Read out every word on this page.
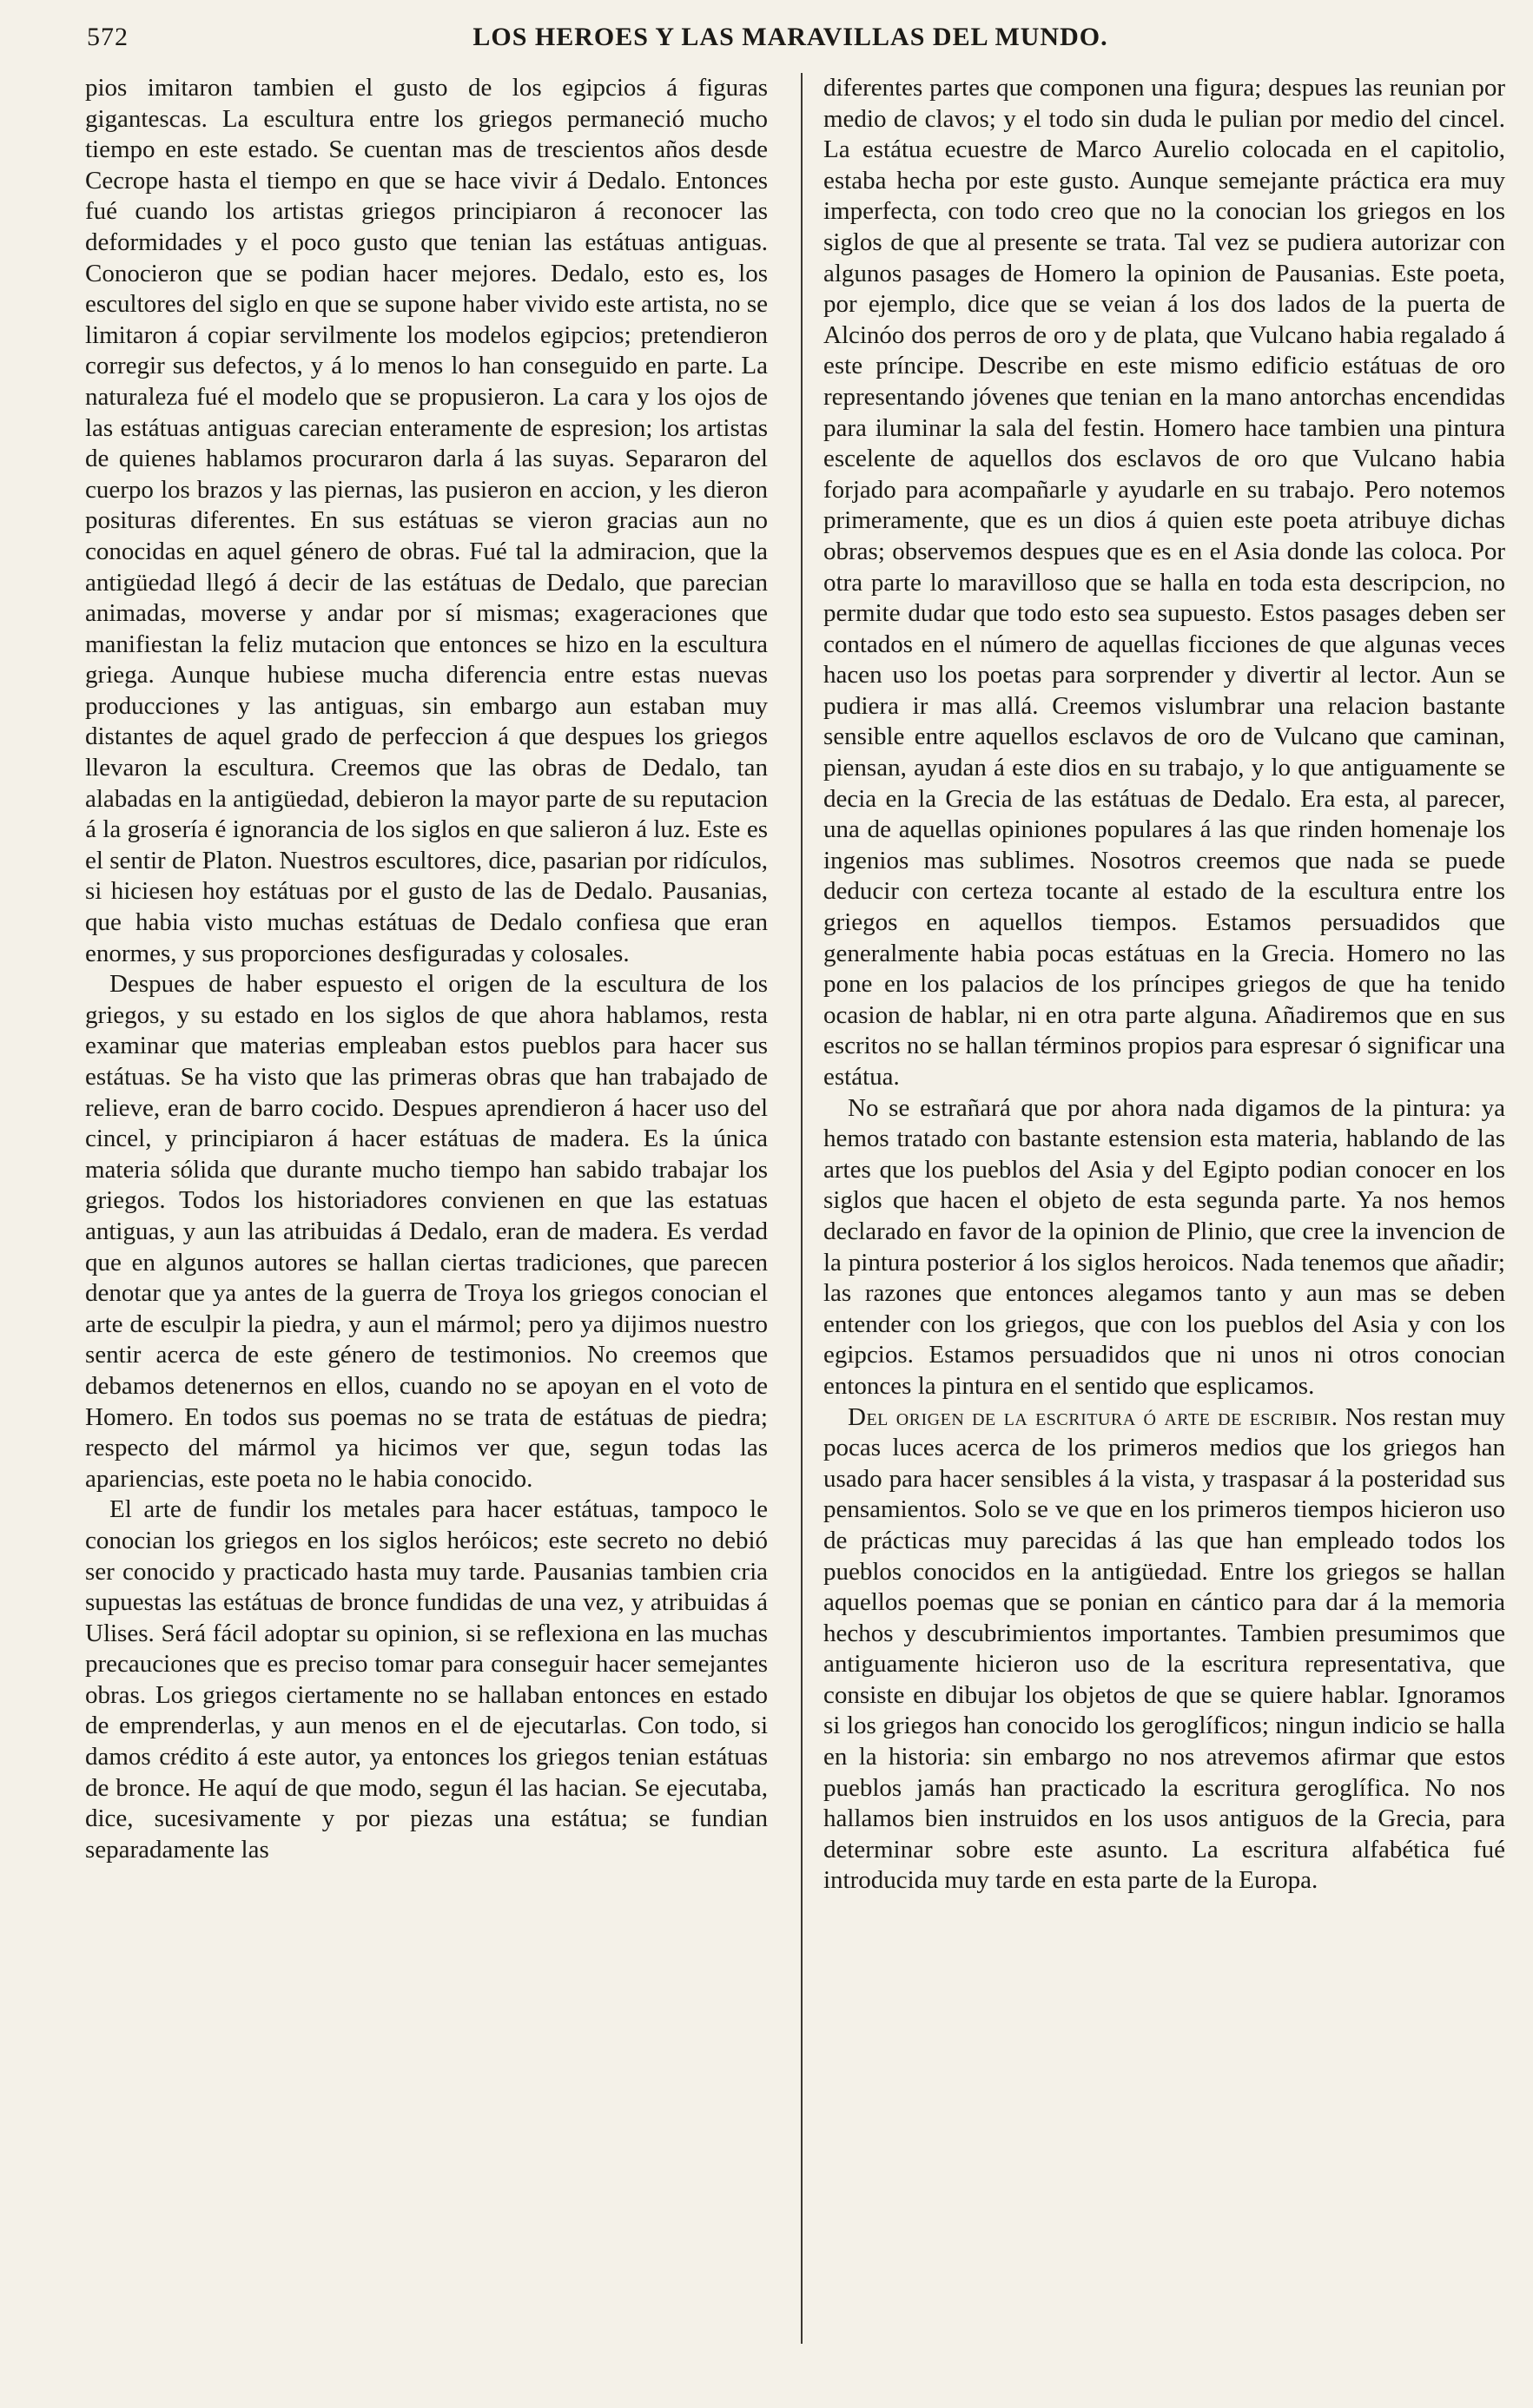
572	LOS HEROES Y LAS MARAVILLAS DEL MUNDO.

pios imitaron tambien el gusto de los egipcios á figuras gigantescas. La escultura entre los griegos permaneció mucho tiempo en este estado. Se cuentan mas de trescientos años desde Cecrope hasta el tiempo en que se hace vivir á Dedalo. Entonces fué cuando los artistas griegos principiaron á reconocer las deformidades y el poco gusto que tenian las estátuas antiguas. Conocieron que se podian hacer mejores. Dedalo, esto es, los escultores del siglo en que se supone haber vivido este artista, no se limitaron á copiar servilmente los modelos egipcios; pretendieron corregir sus defectos, y á lo menos lo han conseguido en parte. La naturaleza fué el modelo que se propusieron. La cara y los ojos de las estátuas antiguas carecian enteramente de espresion; los artistas de quienes hablamos procuraron darla á las suyas. Separaron del cuerpo los brazos y las piernas, las pusieron en accion, y les dieron posituras diferentes. En sus estátuas se vieron gracias aun no conocidas en aquel género de obras. Fué tal la admiracion, que la antigüedad llegó á decir de las estátuas de Dedalo, que parecian animadas, moverse y andar por sí mismas; exageraciones que manifiestan la feliz mutacion que entonces se hizo en la escultura griega. Aunque hubiese mucha diferencia entre estas nuevas producciones y las antiguas, sin embargo aun estaban muy distantes de aquel grado de perfeccion á que despues los griegos llevaron la escultura. Creemos que las obras de Dedalo, tan alabadas en la antigüedad, debieron la mayor parte de su reputacion á la grosería é ignorancia de los siglos en que salieron á luz. Este es el sentir de Platon. Nuestros escultores, dice, pasarian por ridículos, si hiciesen hoy estátuas por el gusto de las de Dedalo. Pausanias, que habia visto muchas estátuas de Dedalo confiesa que eran enormes, y sus proporciones desfiguradas y colosales.

Despues de haber espuesto el origen de la escultura de los griegos, y su estado en los siglos de que ahora hablamos, resta examinar que materias empleaban estos pueblos para hacer sus estátuas. Se ha visto que las primeras obras que han trabajado de relieve, eran de barro cocido. Despues aprendieron á hacer uso del cincel, y principiaron á hacer estátuas de madera. Es la única materia sólida que durante mucho tiempo han sabido trabajar los griegos. Todos los historiadores convienen en que las estatuas antiguas, y aun las atribuidas á Dedalo, eran de madera. Es verdad que en algunos autores se hallan ciertas tradiciones, que parecen denotar que ya antes de la guerra de Troya los griegos conocian el arte de esculpir la piedra, y aun el mármol; pero ya dijimos nuestro sentir acerca de este género de testimonios. No creemos que debamos detenernos en ellos, cuando no se apoyan en el voto de Homero. En todos sus poemas no se trata de estátuas de piedra; respecto del mármol ya hicimos ver que, segun todas las apariencias, este poeta no le habia conocido.

El arte de fundir los metales para hacer estátuas, tampoco le conocian los griegos en los siglos heróicos; este secreto no debió ser conocido y practicado hasta muy tarde. Pausanias tambien cria supuestas las estátuas de bronce fundidas de una vez, y atribuidas á Ulises. Será fácil adoptar su opinion, si se reflexiona en las muchas precauciones que es preciso tomar para conseguir hacer semejantes obras. Los griegos ciertamente no se hallaban entonces en estado de emprenderlas, y aun menos en el de ejecutarlas. Con todo, si damos crédito á este autor, ya entonces los griegos tenian estátuas de bronce. He aquí de que modo, segun él las hacian. Se ejecutaba, dice, sucesivamente y por piezas una estátua; se fundian separadamente las

diferentes partes que componen una figura; despues las reunian por medio de clavos; y el todo sin duda le pulian por medio del cincel. La estátua ecuestre de Marco Aurelio colocada en el capitolio, estaba hecha por este gusto. Aunque semejante práctica era muy imperfecta, con todo creo que no la conocian los griegos en los siglos de que al presente se trata. Tal vez se pudiera autorizar con algunos pasages de Homero la opinion de Pausanias. Este poeta, por ejemplo, dice que se veian á los dos lados de la puerta de Alcinóo dos perros de oro y de plata, que Vulcano habia regalado á este príncipe. Describe en este mismo edificio estátuas de oro representando jóvenes que tenian en la mano antorchas encendidas para iluminar la sala del festin. Homero hace tambien una pintura escelente de aquellos dos esclavos de oro que Vulcano habia forjado para acompañarle y ayudarle en su trabajo. Pero notemos primeramente, que es un dios á quien este poeta atribuye dichas obras; observemos despues que es en el Asia donde las coloca. Por otra parte lo maravilloso que se halla en toda esta descripcion, no permite dudar que todo esto sea supuesto. Estos pasages deben ser contados en el número de aquellas ficciones de que algunas veces hacen uso los poetas para sorprender y divertir al lector. Aun se pudiera ir mas allá. Creemos vislumbrar una relacion bastante sensible entre aquellos esclavos de oro de Vulcano que caminan, piensan, ayudan á este dios en su trabajo, y lo que antiguamente se decia en la Grecia de las estátuas de Dedalo. Era esta, al parecer, una de aquellas opiniones populares á las que rinden homenaje los ingenios mas sublimes. Nosotros creemos que nada se puede deducir con certeza tocante al estado de la escultura entre los griegos en aquellos tiempos. Estamos persuadidos que generalmente habia pocas estátuas en la Grecia. Homero no las pone en los palacios de los príncipes griegos de que ha tenido ocasion de hablar, ni en otra parte alguna. Añadiremos que en sus escritos no se hallan términos propios para espresar ó significar una estátua.

No se estrañará que por ahora nada digamos de la pintura: ya hemos tratado con bastante estension esta materia, hablando de las artes que los pueblos del Asia y del Egipto podian conocer en los siglos que hacen el objeto de esta segunda parte. Ya nos hemos declarado en favor de la opinion de Plinio, que cree la invencion de la pintura posterior á los siglos heroicos. Nada tenemos que añadir; las razones que entonces alegamos tanto y aun mas se deben entender con los griegos, que con los pueblos del Asia y con los egipcios. Estamos persuadidos que ni unos ni otros conocian entonces la pintura en el sentido que esplicamos.

Del origen de la escritura ó arte de escribir. Nos restan muy pocas luces acerca de los primeros medios que los griegos han usado para hacer sensibles á la vista, y traspasar á la posteridad sus pensamientos. Solo se ve que en los primeros tiempos hicieron uso de prácticas muy parecidas á las que han empleado todos los pueblos conocidos en la antigüedad. Entre los griegos se hallan aquellos poemas que se ponian en cántico para dar á la memoria hechos y descubrimientos importantes. Tambien presumimos que antiguamente hicieron uso de la escritura representativa, que consiste en dibujar los objetos de que se quiere hablar. Ignoramos si los griegos han conocido los geroglíficos; ningun indicio se halla en la historia: sin embargo no nos atrevemos afirmar que estos pueblos jamás han practicado la escritura geroglífica. No nos hallamos bien instruidos en los usos antiguos de la Grecia, para determinar sobre este asunto. La escritura alfabética fué introducida muy tarde en esta parte de la Europa.
